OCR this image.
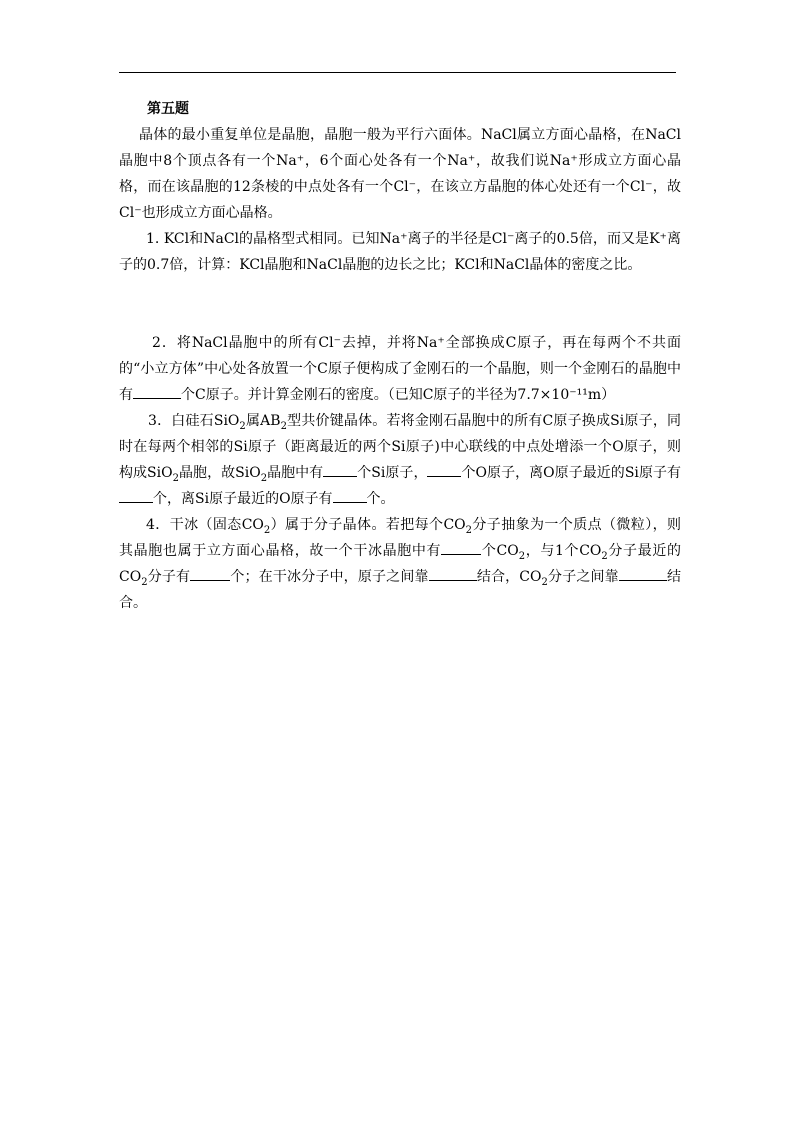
第五题

晶体的最小重复单位是晶胞，晶胞一般为平行六面体。NaCl属立方面心晶格，在NaCl晶胞中8个顶点各有一个Na⁺，6个面心处各有一个Na⁺，故我们说Na⁺形成立方面心晶格，而在该晶胞的12条棱的中点处各有一个Cl⁻，在该立方晶胞的体心处还有一个Cl⁻，故Cl⁻也形成立方面心晶格。

1. KCl和NaCl的晶格型式相同。已知Na⁺离子的半径是Cl⁻离子的0.5倍，而又是K⁺离子的0.7倍，计算：KCl晶胞和NaCl晶胞的边长之比；KCl和NaCl晶体的密度之比。

2．将NaCl晶胞中的所有Cl⁻去掉，并将Na⁺全部换成C原子，再在每两个不共面的“小立方体”中心处各放置一个C原子便构成了金刚石的一个晶胞，则一个金刚石的晶胞中有	个C原子。并计算金刚石的密度。（已知C原子的半径为7.7×10⁻¹¹m）

3．白硅石SiO$_2$属$AB_2$型共价键晶体。若将金刚石晶胞中的所有C原子换成Si原子，同时在每两个相邻的Si原子（距离最近的两个Si原子)中心联线的中点处增添一个O原子，则构成SiO$_2$晶胞，故SiO$_2$晶胞中有 个Si原子， 个O原子，离O原子最近的Si原子有个，离Si原子最近的O原子有 个。

4．干冰（固态$CO_2$）属于分子晶体。若把每个$CO_2$分子抽象为一个质点（微粒），则其晶胞也属于立方面心晶格，故一个干冰晶胞中有	个$CO_2$，与1个$CO_2$分子最近的$CO_2$分子有	个；在干冰分子中，原子之间靠	结合，$CO_2$分子之间靠	结合。
